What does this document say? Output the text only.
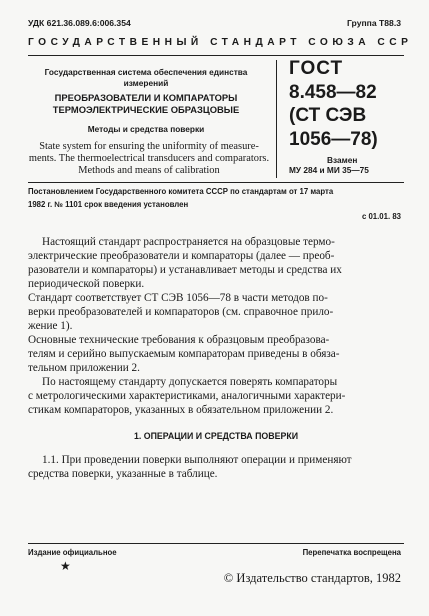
УДК 621.36.089.6:006.354	Группа Т88.3
ГОСУДАРСТВЕННЫЙ СТАНДАРТ СОЮЗА ССР
Государственная система обеспечения единства
измерений
ПРЕОБРАЗОВАТЕЛИ И КОМПАРАТОРЫ
ТЕРМОЭЛЕКТРИЧЕСКИЕ ОБРАЗЦОВЫЕ
Методы и средства поверки
State system for ensuring the uniformity of measure-
ments. The thermoelectrical transducers and comparators.
Methods and means of calibration
ГОСТ
8.458—82
(СТ СЭВ
1056—78)
Взамен
МУ 284 и МИ 35—75
Постановлением Государственного комитета СССР по стандартам от 17 марта
1982 г. № 1101 срок введения установлен
с 01.01. 83
Настоящий стандарт распространяется на образцовые термо-
электрические преобразователи и компараторы (далее — преоб-
разователи и компараторы) и устанавливает методы и средства их
периодической поверки.
Стандарт соответствует СТ СЭВ 1056—78 в части методов по-
верки преобразователей и компараторов (см. справочное прило-
жение 1).
Основные технические требования к образцовым преобразова-
телям и серийно выпускаемым компараторам приведены в обяза-
тельном приложении 2.
По настоящему стандарту допускается поверять компараторы
с метрологическими характеристиками, аналогичными характери-
стикам компараторов, указанных в обязательном приложении 2.
1. ОПЕРАЦИИ И СРЕДСТВА ПОВЕРКИ
1.1. При проведении поверки выполняют операции и применяют
средства поверки, указанные в таблице.
Издание официальное	Перепечатка воспрещена
★
© Издательство стандартов, 1982
